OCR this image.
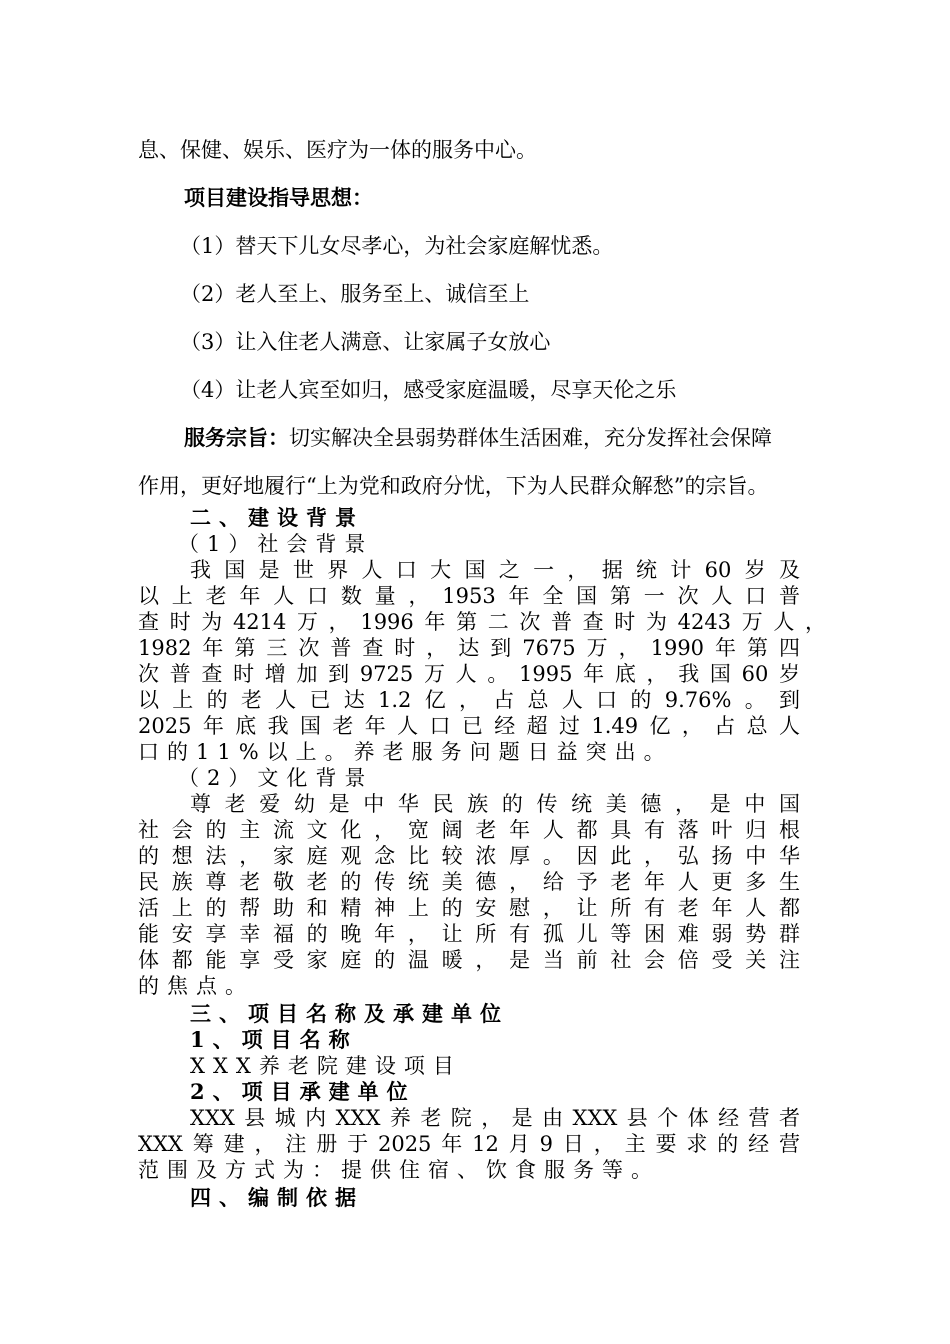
息、保健、娱乐、医疗为一体的服务中心。

项目建设指导思想：

（1）替天下儿女尽孝心，为社会家庭解忧悉。

（2）老人至上、服务至上、诚信至上

（3）让入住老人满意、让家属子女放心

（4）让老人宾至如归，感受家庭温暖，尽享天伦之乐

服务宗旨：切实解决全县弱势群体生活困难，充分发挥社会保障

作用，更好地履行“上为党和政府分忧，下为人民群众解愁”的宗旨。

二、建设背景

（1）社会背景

我国是世界人口大国之一，据统计60岁及

以上老年人口数量，1953年全国第一次人口普

查时为4214万，1996年第二次普查时为4243万人，

1982年第三次普查时，达到7675万，1990年第四

次普查时增加到9725万人。1995年底，我国60岁

以上的老人已达1.2亿，占总人口的9.76%。到

2025年底我国老年人口已经超过1.49亿，占总人

口的11%以上。养老服务问题日益突出。

（2）文化背景

尊老爱幼是中华民族的传统美德，是中国

社会的主流文化，宽阔老年人都具有落叶归根

的想法，家庭观念比较浓厚。因此，弘扬中华

民族尊老敬老的传统美德，给予老年人更多生

活上的帮助和精神上的安慰，让所有老年人都

能安享幸福的晚年，让所有孤儿等困难弱势群

体都能享受家庭的温暖，是当前社会倍受关注

的焦点。

三、项目名称及承建单位

1、项目名称

XXX养老院建设项目

2、项目承建单位

XXX县城内XXX养老院，是由XXX县个体经营者

XXX筹建，注册于2025年12月9日，主要求的经营

范围及方式为：提供住宿、饮食服务等。

四、编制依据
